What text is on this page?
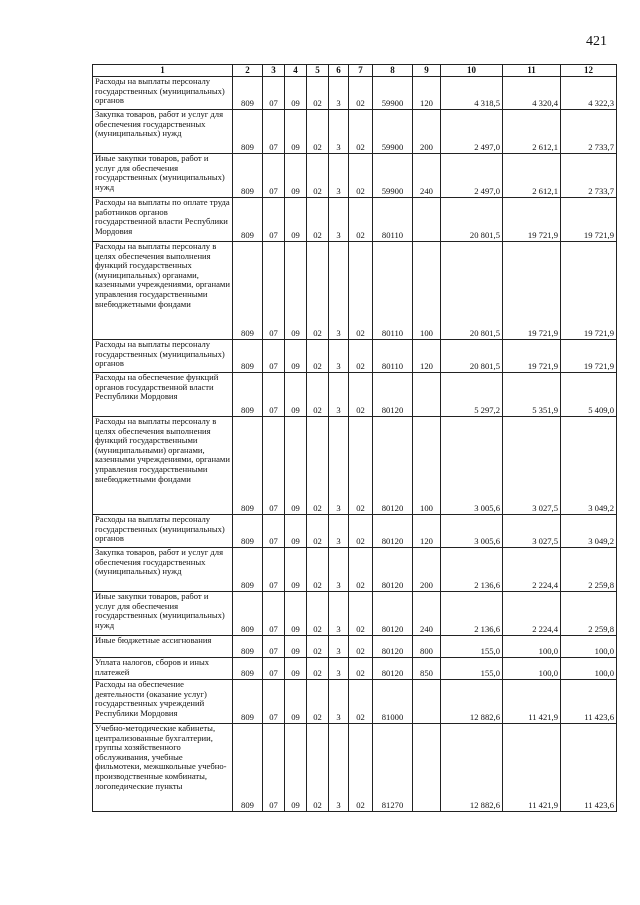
421
1	2	3	4	5	6	7	8	9	10	11	12
Расходы на выплаты персоналу государственных (муниципальных) органов	809	07	09	02	3	02	59900	120	4 318,5	4 320,4	4 322,3
Закупка товаров, работ и услуг для обеспечения государственных (муниципальных) нужд	809	07	09	02	3	02	59900	200	2 497,0	2 612,1	2 733,7
Иные закупки товаров, работ и услуг для обеспечения государственных (муниципальных) нужд	809	07	09	02	3	02	59900	240	2 497,0	2 612,1	2 733,7
Расходы на выплаты по оплате труда работников органов государственной власти Республики Мордовия	809	07	09	02	3	02	80110		20 801,5	19 721,9	19 721,9
Расходы на выплаты персоналу в целях обеспечения выполнения функций государственных (муниципальных) органами, казенными учреждениями, органами управления государственными внебюджетными фондами	809	07	09	02	3	02	80110	100	20 801,5	19 721,9	19 721,9
Расходы на выплаты персоналу государственных (муниципальных) органов	809	07	09	02	3	02	80110	120	20 801,5	19 721,9	19 721,9
Расходы на обеспечение функций органов государственной власти Республики Мордовия	809	07	09	02	3	02	80120		5 297,2	5 351,9	5 409,0
Расходы на выплаты персоналу в целях обеспечения выполнения функций государственными (муниципальными) органами, казенными учреждениями, органами управления государственными внебюджетными фондами	809	07	09	02	3	02	80120	100	3 005,6	3 027,5	3 049,2
Расходы на выплаты персоналу государственных (муниципальных) органов	809	07	09	02	3	02	80120	120	3 005,6	3 027,5	3 049,2
Закупка товаров, работ и услуг для обеспечения государственных (муниципальных) нужд	809	07	09	02	3	02	80120	200	2 136,6	2 224,4	2 259,8
Иные закупки товаров, работ и услуг для обеспечения государственных (муниципальных) нужд	809	07	09	02	3	02	80120	240	2 136,6	2 224,4	2 259,8
Иные бюджетные ассигнования	809	07	09	02	3	02	80120	800	155,0	100,0	100,0
Уплата налогов, сборов и иных платежей	809	07	09	02	3	02	80120	850	155,0	100,0	100,0
Расходы на обеспечение деятельности (оказание услуг) государственных учреждений Республики Мордовия	809	07	09	02	3	02	81000		12 882,6	11 421,9	11 423,6
Учебно-методические кабинеты, централизованные бухгалтерии, группы хозяйственного обслуживания, учебные фильмотеки, межшкольные учебно-производственные комбинаты, логопедические пункты	809	07	09	02	3	02	81270		12 882,6	11 421,9	11 423,6
